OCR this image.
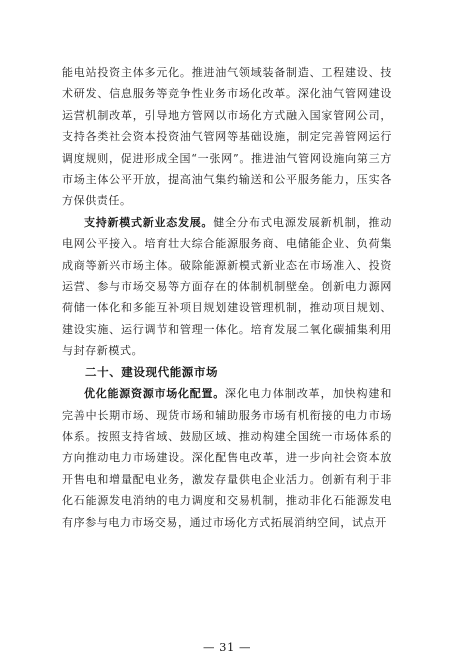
能电站投资主体多元化。推进油气领域装备制造、工程建设、技术研发、信息服务等竞争性业务市场化改革。深化油气管网建设运营机制改革，引导地方管网以市场化方式融入国家管网公司，支持各类社会资本投资油气管网等基础设施，制定完善管网运行调度规则，促进形成全国“一张网”。推进油气管网设施向第三方市场主体公平开放，提高油气集约输送和公平服务能力，压实各方保供责任。

支持新模式新业态发展。健全分布式电源发展新机制，推动电网公平接入。培育壮大综合能源服务商、电储能企业、负荷集成商等新兴市场主体。破除能源新模式新业态在市场准入、投资运营、参与市场交易等方面存在的体制机制壁垒。创新电力源网荷储一体化和多能互补项目规划建设管理机制，推动项目规划、建设实施、运行调节和管理一体化。培育发展二氧化碳捕集利用与封存新模式。

二十、建设现代能源市场

优化能源资源市场化配置。深化电力体制改革，加快构建和完善中长期市场、现货市场和辅助服务市场有机衔接的电力市场体系。按照支持省域、鼓励区域、推动构建全国统一市场体系的方向推动电力市场建设。深化配售电改革，进一步向社会资本放开售电和增量配电业务，激发存量供电企业活力。创新有利于非化石能源发电消纳的电力调度和交易机制，推动非化石能源发电有序参与电力市场交易，通过市场化方式拓展消纳空间，试点开

— 31 —
